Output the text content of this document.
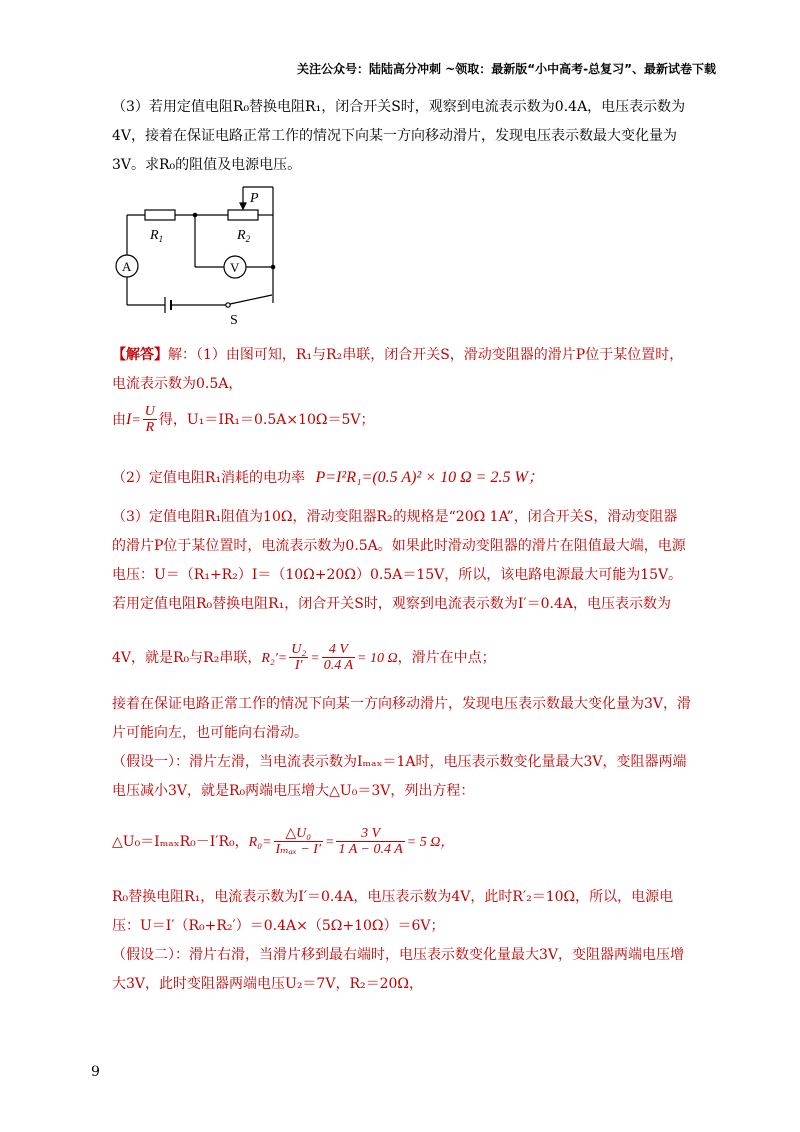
关注公众号：陆陆高分冲刺 ~领取：最新版“小中高考-总复习”、最新试卷下载
（3）若用定值电阻R₀替换电阻R₁，闭合开关S时，观察到电流表示数为0.4A，电压表示数为
4V，接着在保证电路正常工作的情况下向某一方向移动滑片，发现电压表示数最大变化量为
3V。求R₀的阻值及电源电压。
P
$R_1$	$R_2$
A	V
S
【解答】解：（1）由图可知，R₁与R₂串联，闭合开关S，滑动变阻器的滑片P位于某位置时，
电流表示数为0.5A，
由$I= \frac{U}{R}$ 得，U₁＝IR₁＝0.5A×10Ω＝5V；
（2）定值电阻R₁消耗的电功率 P=I²R₁=(0.5 A)² × 10 Ω = 2.5 W；
（3）定值电阻R₁阻值为10Ω，滑动变阻器R₂的规格是“20Ω 1A”，闭合开关S，滑动变阻器
的滑片P位于某位置时，电流表示数为0.5A。如果此时滑动变阻器的滑片在阻值最大端，电源
电压：U＝（R₁+R₂）I＝（10Ω+20Ω）0.5A＝15V，所以，该电路电源最大可能为15V。
若用定值电阻R₀替换电阻R₁，闭合开关S时，观察到电流表示数为I′＝0.4A，电压表示数为
4V，就是R₀与R₂串联，$R_2'= \frac{\text{U₂}}{I'} = \frac{4 V}{0.4 A} = 10$ Ω，滑片在中点；
接着在保证电路正常工作的情况下向某一方向移动滑片，发现电压表示数最大变化量为3V，滑
片可能向左，也可能向右滑动。
（假设一）：滑片左滑，当电流表示数为Iₘₐₓ＝1A时，电压表示数变化量最大3V，变阻器两端
电压减小3V，就是R₀两端电压增大△U₀＝3V，列出方程：
△U₀＝IₘₐₓR₀－I′R₀，$R_0= \frac{\text{△U₀}}{\text{Iₘₐₓ − I′}} = \frac{3 V}{1 A - 0.4 A} = 5$ Ω，
R₀替换电阻R₁，电流表示数为I′＝0.4A，电压表示数为4V，此时R′₂＝10Ω，所以，电源电
压：U＝I′（R₀+R₂′）＝0.4A×（5Ω+10Ω）＝6V；
（假设二）：滑片右滑，当滑片移到最右端时，电压表示数变化量最大3V，变阻器两端电压增
大3V，此时变阻器两端电压U₂＝7V，R₂＝20Ω，
9
